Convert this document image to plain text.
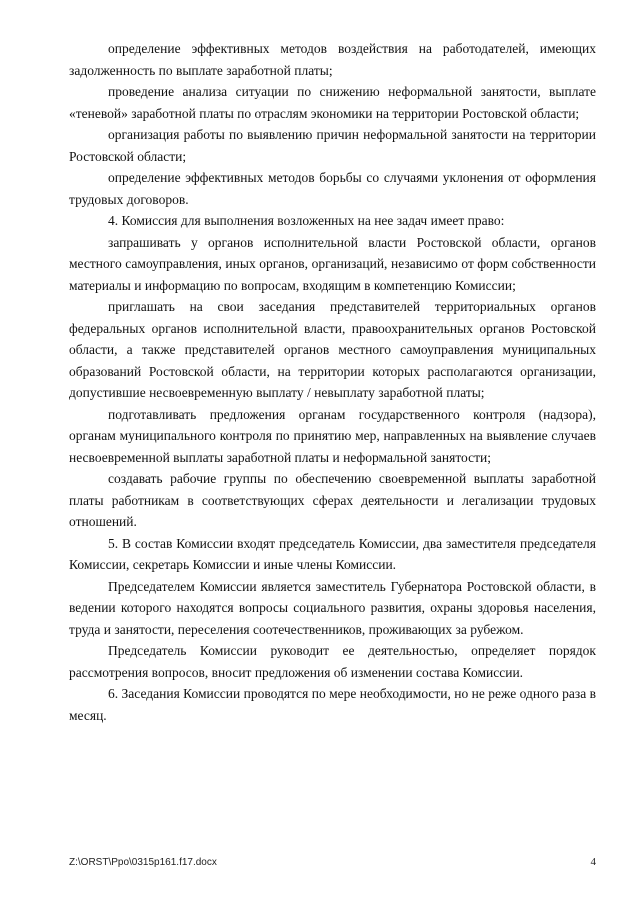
определение эффективных методов воздействия на работодателей, имеющих задолженность по выплате заработной платы;

проведение анализа ситуации по снижению неформальной занятости, выплате «теневой» заработной платы по отраслям экономики на территории Ростовской области;

организация работы по выявлению причин неформальной занятости на территории Ростовской области;

определение эффективных методов борьбы со случаями уклонения от оформления трудовых договоров.

4. Комиссия для выполнения возложенных на нее задач имеет право:

запрашивать у органов исполнительной власти Ростовской области, органов местного самоуправления, иных органов, организаций, независимо от форм собственности материалы и информацию по вопросам, входящим в компетенцию Комиссии;

приглашать на свои заседания представителей территориальных органов федеральных органов исполнительной власти, правоохранительных органов Ростовской области, а также представителей органов местного самоуправления муниципальных образований Ростовской области, на территории которых располагаются организации, допустившие несвоевременную выплату / невыплату заработной платы;

подготавливать предложения органам государственного контроля (надзора), органам муниципального контроля по принятию мер, направленных на выявление случаев несвоевременной выплаты заработной платы и неформальной занятости;

создавать рабочие группы по обеспечению своевременной выплаты заработной платы работникам в соответствующих сферах деятельности и легализации трудовых отношений.

5. В состав Комиссии входят председатель Комиссии, два заместителя председателя Комиссии, секретарь Комиссии и иные члены Комиссии.

Председателем Комиссии является заместитель Губернатора Ростовской области, в ведении которого находятся вопросы социального развития, охраны здоровья населения, труда и занятости, переселения соотечественников, проживающих за рубежом.

Председатель Комиссии руководит ее деятельностью, определяет порядок рассмотрения вопросов, вносит предложения об изменении состава Комиссии.

6. Заседания Комиссии проводятся по мере необходимости, но не реже одного раза в месяц.

Z:\ORST\Ppo\0315p161.f17.docx	4
